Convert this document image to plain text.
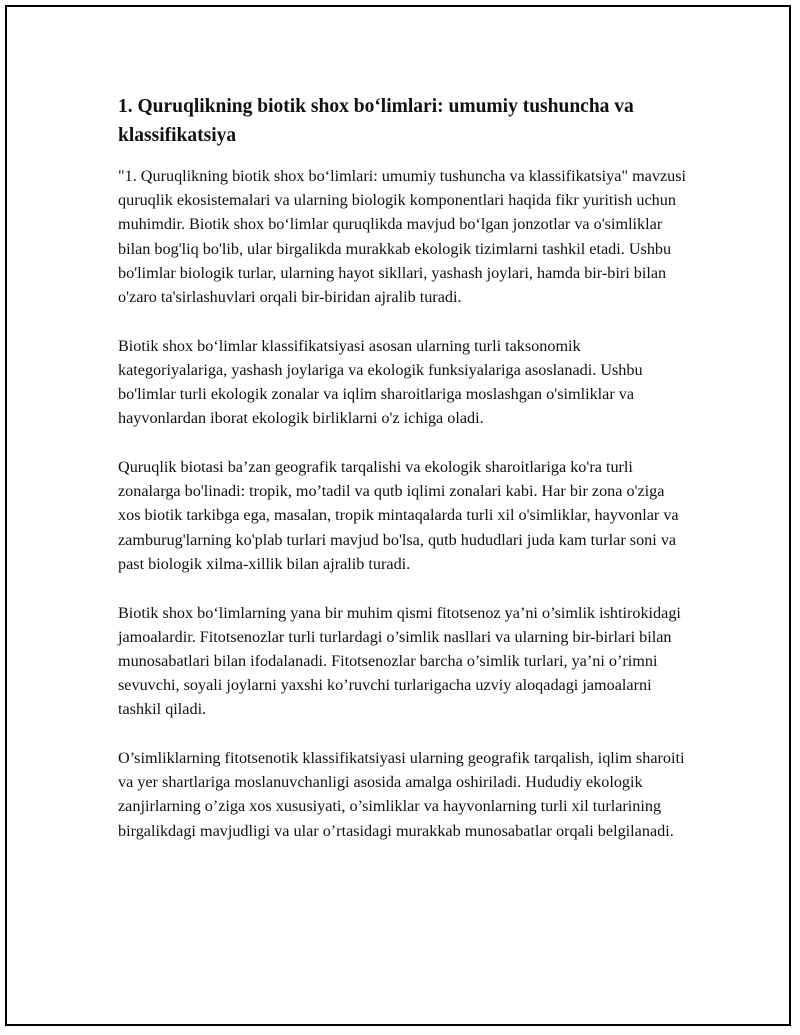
1. Quruqlikning biotik shox bo‘limlari: umumiy tushuncha va klassifikatsiya

"1. Quruqlikning biotik shox bo‘limlari: umumiy tushuncha va klassifikatsiya" mavzusi quruqlik ekosistemalari va ularning biologik komponentlari haqida fikr yuritish uchun muhimdir. Biotik shox bo‘limlar quruqlikda mavjud bo‘lgan jonzotlar va o'simliklar bilan bog'liq bo'lib, ular birgalikda murakkab ekologik tizimlarni tashkil etadi. Ushbu bo'limlar biologik turlar, ularning hayot sikllari, yashash joylari, hamda bir-biri bilan o'zaro ta'sirlashuvlari orqali bir-biridan ajralib turadi.

Biotik shox bo‘limlar klassifikatsiyasi asosan ularning turli taksonomik kategoriyalariga, yashash joylariga va ekologik funksiyalariga asoslanadi. Ushbu bo'limlar turli ekologik zonalar va iqlim sharoitlariga moslashgan o'simliklar va hayvonlardan iborat ekologik birliklarni o'z ichiga oladi.

Quruqlik biotasi ba’zan geografik tarqalishi va ekologik sharoitlariga ko'ra turli zonalarga bo'linadi: tropik, mo’tadil va qutb iqlimi zonalari kabi. Har bir zona o'ziga xos biotik tarkibga ega, masalan, tropik mintaqalarda turli xil o'simliklar, hayvonlar va zamburug'larning ko'plab turlari mavjud bo'lsa, qutb hududlari juda kam turlar soni va past biologik xilma-xillik bilan ajralib turadi.

Biotik shox bo‘limlarning yana bir muhim qismi fitotsenoz ya’ni o’simlik ishtirokidagi jamoalardir. Fitotsenozlar turli turlardagi o’simlik nasllari va ularning bir-birlari bilan munosabatlari bilan ifodalanadi. Fitotsenozlar barcha o’simlik turlari, ya’ni o’rimni sevuvchi, soyali joylarni yaxshi ko’ruvchi turlarigacha uzviy aloqadagi jamoalarni tashkil qiladi.

O’simliklarning fitotsenotik klassifikatsiyasi ularning geografik tarqalish, iqlim sharoiti va yer shartlariga moslanuvchanligi asosida amalga oshiriladi. Hududiy ekologik zanjirlarning o’ziga xos xususiyati, o’simliklar va hayvonlarning turli xil turlarining birgalikdagi mavjudligi va ular o’rtasidagi murakkab munosabatlar orqali belgilanadi.
